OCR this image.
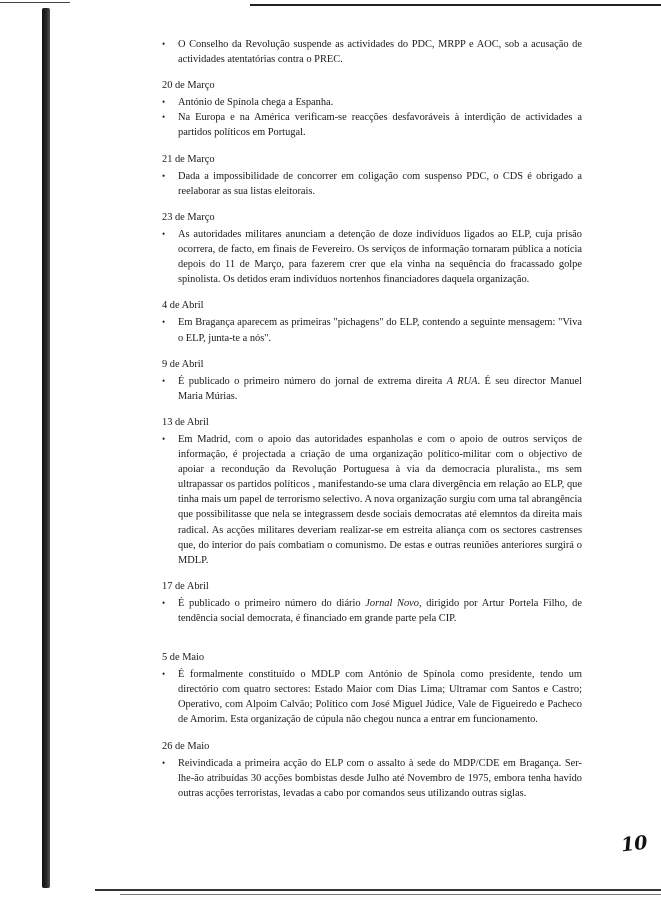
• O Conselho da Revolução suspende as actividades do PDC, MRPP e AOC, sob a acusação de actividades atentatórias contra o PREC.

20 de Março

• António de Spínola chega a Espanha.
• Na Europa e na América verificam-se reacções desfavoráveis à interdição de actividades a partidos políticos em Portugal.

21 de Março

• Dada a impossibilidade de concorrer em coligação com suspenso PDC, o CDS é obrigado a reelaborar as sua listas eleitorais.

23 de Março

• As autoridades militares anunciam a detenção de doze indivíduos ligados ao ELP, cuja prisão ocorrera, de facto, em finais de Fevereiro. Os serviços de informação tornaram pública a notícia depois do 11 de Março, para fazerem crer que ela vinha na sequência do fracassado golpe spinolista. Os detidos eram indivíduos nortenhos financiadores daquela organização.

4 de Abril

• Em Bragança aparecem as primeiras "pichagens" do ELP, contendo a seguinte mensagem: "Viva o ELP, junta-te a nós".

9 de Abril

• É publicado o primeiro número do jornal de extrema direita A RUA. É seu director Manuel Maria Múrias.

13 de Abril

• Em Madrid, com o apoio das autoridades espanholas e com o apoio de outros serviços de informação, é projectada a criação de uma organização político-militar com o objectivo de apoiar a recondução da Revolução Portuguesa à via da democracia pluralista., ms sem ultrapassar os partidos políticos , manifestando-se uma clara divergência em relação ao ELP, que tinha mais um papel de terrorismo selectivo. A nova organização surgiu com uma tal abrangência que possibilitasse que nela se integrassem desde sociais democratas até elemntos da direita mais radical. As acções militares deveriam realizar-se em estreita aliança com os sectores castrenses que, do interior do país combatiam o comunismo. De estas e outras reuniões anteriores surgirá o MDLP.

17 de Abril

• É publicado o primeiro número do diário Jornal Novo, dirigido por Artur Portela Filho, de tendência social democrata, é financiado em grande parte pela CIP.

5 de Maio

• É formalmente constituído o MDLP com António de Spínola como presidente, tendo um directório com quatro sectores: Estado Maior com Dias Lima; Ultramar com Santos e Castro; Operativo, com Alpoim Calvão; Político com José Miguel Júdice, Vale de Figueiredo e Pacheco de Amorim. Esta organização de cúpula não chegou nunca a entrar em funcionamento.

26 de Maio

• Reivindicada a primeira acção do ELP com o assalto à sede do MDP/CDE em Bragança. Ser-lhe-ão atribuídas 30 acções bombistas desde Julho até Novembro de 1975, embora tenha havido outras acções terroristas, levadas a cabo por comandos seus utilizando outras siglas.
10
